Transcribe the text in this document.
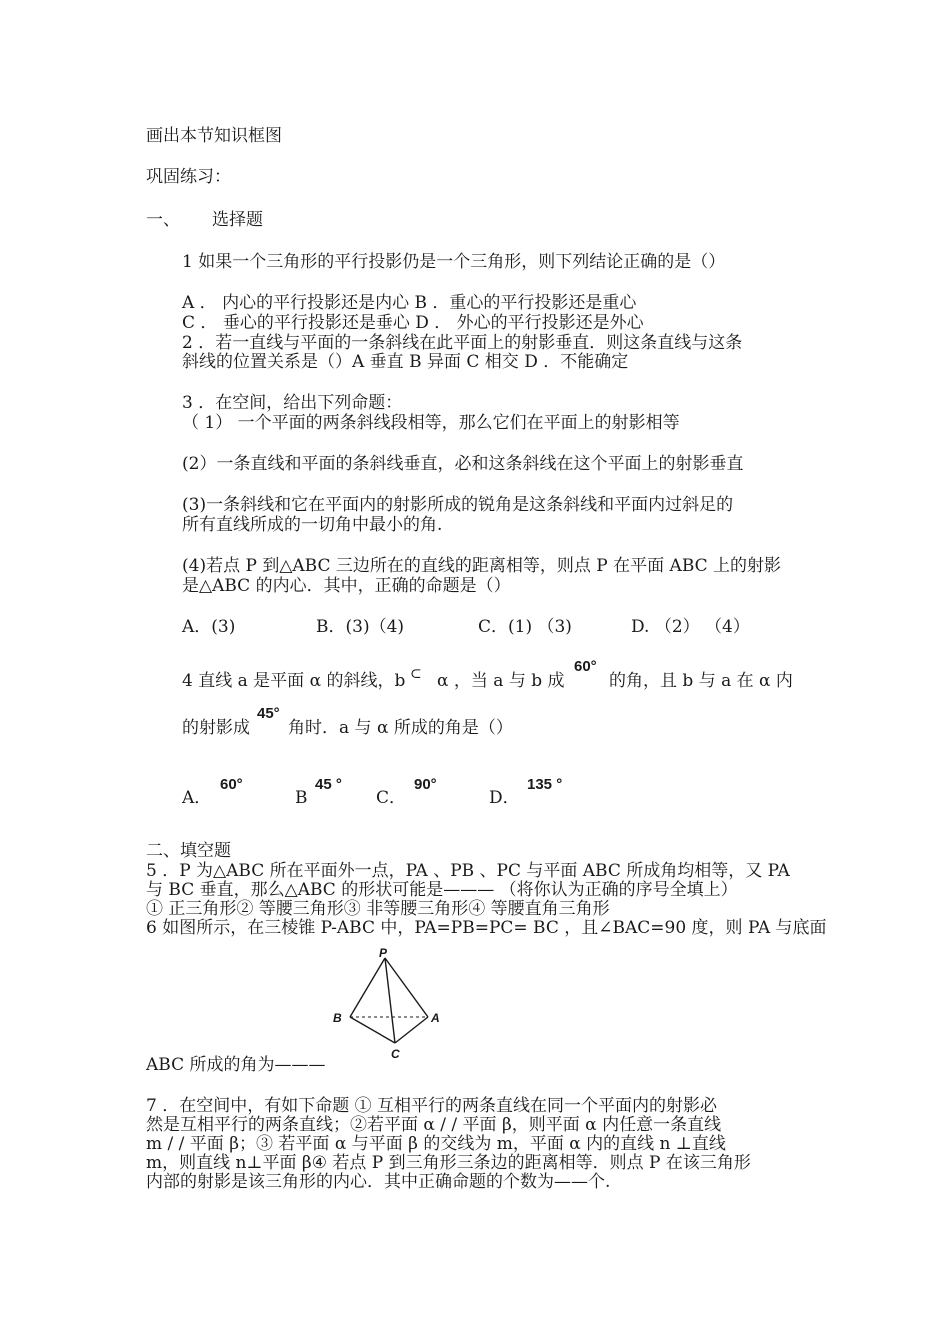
画出本节知识框图
巩固练习：
一、 选择题
1 如果一个三角形的平行投影仍是一个三角形，则下列结论正确的是（）
A ． 内心的平行投影还是内心 B ．重心的平行投影还是重心
C ． 垂心的平行投影还是垂心 D ． 外心的平行投影还是外心
2 ．若一直线与平面的一条斜线在此平面上的射影垂直．则这条直线与这条
斜线的位置关系是（）A 垂直 B 异面 C 相交 D ．不能确定
3 ．在空间，给出下列命题：
（ 1） 一个平面的两条斜线段相等，那么它们在平面上的射影相等
(2）一条直线和平面的条斜线垂直，必和这条斜线在这个平面上的射影垂直
(3)一条斜线和它在平面内的射影所成的锐角是这条斜线和平面内过斜足的
所有直线所成的一切角中最小的角.
(4)若点 P 到△ABC 三边所在的直线的距离相等，则点 P 在平面 ABC 上的射影
是△ABC 的内心．其中，正确的命题是（）
A．(3)	B．(3)（4)	C．(1) （3)	D. （2） （4）
4 直线 a 是平面 α 的斜线，b ⊂ α ，当 a 与 b 成
60°
的角，且 b 与 a 在 α 内
的射影成
45°
角时．a 与 α 所成的角是（）
A．
60°
B
45 °
C．
90°
D．
135 °
二、填空题
5 ．P 为△ABC 所在平面外一点，PA 、PB 、PC 与平面 ABC 所成角均相等，又 PA
与 BC 垂直，那么△ABC 的形状可能是——— （将你认为正确的序号全填上）
① 正三角形② 等腰三角形③ 非等腰三角形④ 等腰直角三角形
6 如图所示，在三棱锥 P-ABC 中，PA=PB=PC= BC ，且∠BAC=90 度，则 PA 与底面
P
B	A
C
ABC 所成的角为———
7 ．在空间中，有如下命题 ① 互相平行的两条直线在同一个平面内的射影必
然是互相平行的两条直线；②若平面 α / / 平面 β，则平面 α 内任意一条直线
m / / 平面 β；③ 若平面 α 与平面 β 的交线为 m，平面 α 内的直线 n ⊥直线
m，则直线 n⊥平面 β④ 若点 P 到三角形三条边的距离相等．则点 P 在该三角形
内部的射影是该三角形的内心．其中正确命题的个数为——个.
